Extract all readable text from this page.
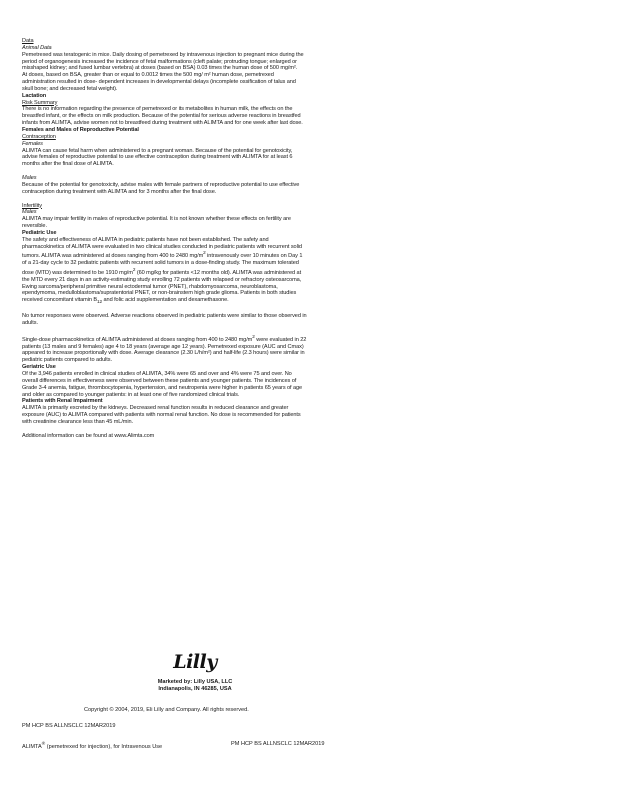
Data

Animal Data

Pemetrexed was teratogenic in mice. Daily dosing of pemetrexed by intravenous injection to pregnant mice during the period of organogenesis increased the incidence of fetal malformations (cleft palate; protruding tongue; enlarged or misshaped kidney; and fused lumbar vertebra) at doses (based on BSA) 0.03 times the human dose of 500 mg/m².

At doses, based on BSA, greater than or equal to 0.0012 times the 500 mg/ m² human dose, pemetrexed administration resulted in dose- dependent increases in developmental delays (incomplete ossification of talus and skull bone; and decreased fetal weight).

Lactation

Risk Summary

There is no information regarding the presence of pemetrexed or its metabolites in human milk, the effects on the breastfed infant, or the effects on milk production. Because of the potential for serious adverse reactions in breastfed infants from ALIMTA, advise women not to breastfeed during treatment with ALIMTA and for one week after last dose.

Females and Males of Reproductive Potential

Contraception

Females

ALIMTA can cause fetal harm when administered to a pregnant woman. Because of the potential for genotoxicity, advise females of reproductive potential to use effective contraception during treatment with ALIMTA for at least 6 months after the final dose of ALIMTA.

Males

Because of the potential for genotoxicity, advise males with female partners of reproductive potential to use effective contraception during treatment with ALIMTA and for 3 months after the final dose.

Infertility

Males

ALIMTA may impair fertility in males of reproductive potential. It is not known whether these effects on fertility are reversible.

Pediatric Use

The safety and effectiveness of ALIMTA in pediatric patients have not been established. The safety and pharmacokinetics of ALIMTA were evaluated in two clinical studies conducted in pediatric patients with recurrent solid tumors. ALIMTA was administered at doses ranging from 400 to 2480 $mg/m^2$ intravenously over 10 minutes on Day 1 of a 21-day cycle to 32 pediatric patients with recurrent solid tumors in a dose-finding study. The maximum tolerated dose (MTD) was determined to be 1910 $mg/m^2$ (60 mg/kg for patients <12 months old). ALIMTA was administered at the MTD every 21 days in an activity-estimating study enrolling 72 patients with relapsed or refractory osteosarcoma, Ewing sarcoma/peripheral primitive neural ectodermal tumor (PNET), rhabdomyosarcoma, neuroblastoma, ependymoma, medulloblastoma/supratentorial PNET, or non-brainstem high grade glioma. Patients in both studies received concomitant vitamin $B_{12}$ and folic acid supplementation and dexamethasone.

No tumor responses were observed. Adverse reactions observed in pediatric patients were similar to those observed in adults.

Single-dose pharmacokinetics of ALIMTA administered at doses ranging from 400 to 2480 $mg/m^2$ were evaluated in 22 patients (13 males and 9 females) age 4 to 18 years (average age 12 years). Pemetrexed exposure (AUC and Cmax) appeared to increase proportionally with dose. Average clearance (2.30 L/h/m²) and half-life (2.3 hours) were similar in pediatric patients compared to adults.

Geriatric Use

Of the 3,946 patients enrolled in clinical studies of ALIMTA, 34% were 65 and over and 4% were 75 and over. No overall differences in effectiveness were observed between these patients and younger patients. The incidences of Grade 3-4 anemia, fatigue, thrombocytopenia, hypertension, and neutropenia were higher in patients 65 years of age and older as compared to younger patients: in at least one of five randomized clinical trials.

Patients with Renal Impairment

ALIMTA is primarily excreted by the kidneys. Decreased renal function results in reduced clearance and greater exposure (AUC) to ALIMTA compared with patients with normal renal function. No dose is recommended for patients with creatinine clearance less than 45 mL/min.

Additional information can be found at www.Alimta.com

Lilly
Marketed by: Lilly USA, LLC
Indianapolis, IN 46285, USA
Copyright © 2004, 2019, Eli Lilly and Company. All rights reserved.
PM HCP BS ALLNSCLC 12MAR2019
ALIMTA® (pemetrexed for injection), for Intravenous Use	PM HCP BS ALLNSCLC 12MAR2019
